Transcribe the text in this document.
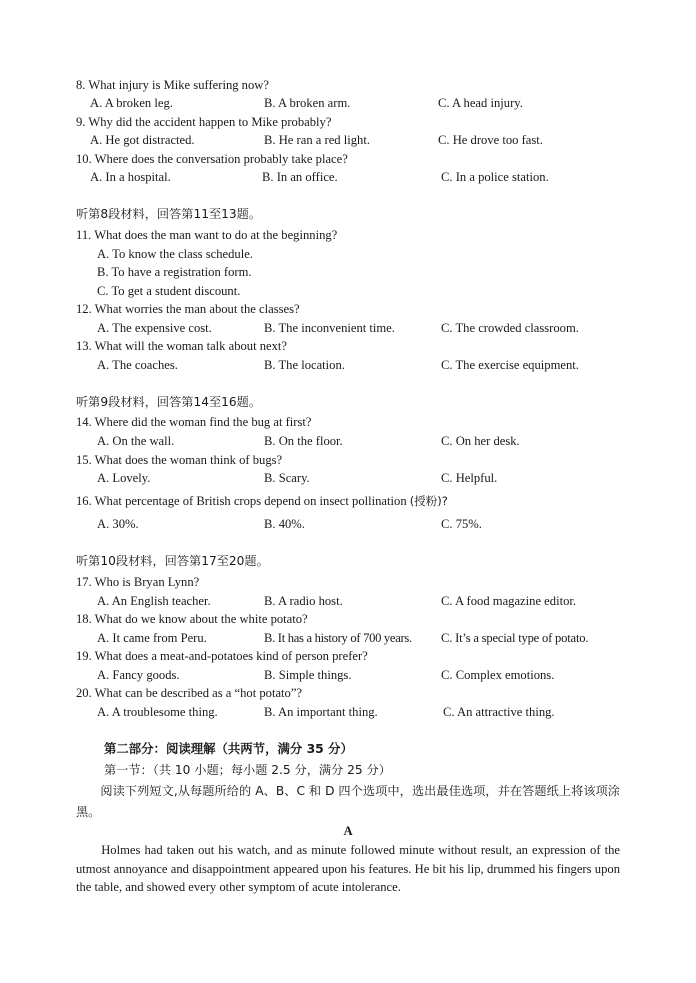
8. What injury is Mike suffering now?
A. A broken leg.	B. A broken arm.	C. A head injury.
9. Why did the accident happen to Mike probably?
A. He got distracted.	B. He ran a red light.	C. He drove too fast.
10. Where does the conversation probably take place?
A. In a hospital.	B. In an office.	C. In a police station.
听第8段材料，回答第11至13题。
11. What does the man want to do at the beginning?
A. To know the class schedule.
B. To have a registration form.
C. To get a student discount.
12. What worries the man about the classes?
A. The expensive cost.	B. The inconvenient time.	C. The crowded classroom.
13. What will the woman talk about next?
A. The coaches.	B. The location.	C. The exercise equipment.
听第9段材料，回答第14至16题。
14. Where did the woman find the bug at first?
A. On the wall.	B. On the floor.	C. On her desk.
15. What does the woman think of bugs?
A. Lovely.	B. Scary.	C. Helpful.
16. What percentage of British crops depend on insect pollination (授粉)?
A. 30%.	B. 40%.	C. 75%.
听第10段材料，回答第17至20题。
17. Who is Bryan Lynn?
A. An English teacher.	B. A radio host.	C. A food magazine editor.
18. What do we know about the white potato?
A. It came from Peru.	B. It has a history of 700 years. C. It’s a special type of potato.
19. What does a meat-and-potatoes kind of person prefer?
A. Fancy goods.	B. Simple things.	C. Complex emotions.
20. What can be described as a “hot potato”?
A. A troublesome thing.	B. An important thing.	C. An attractive thing.
第二部分：阅读理解（共两节，满分 35 分）
第一节：（共 10 小题；每小题 2.5 分，满分 25 分）
阅读下列短文,从每题所给的 A、B、C 和 D 四个选项中，选出最佳选项，并在答题纸上将该项涂黑。
A
Holmes had taken out his watch, and as minute followed minute without result, an expression of the utmost annoyance and disappointment appeared upon his features. He bit his lip, drummed his fingers upon the table, and showed every other symptom of acute intolerance.
